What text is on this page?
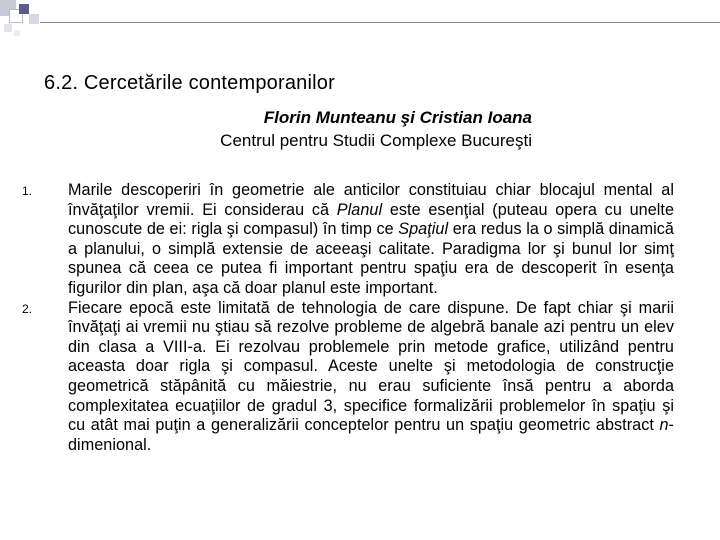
6.2. Cercetările contemporanilor
Florin Munteanu şi Cristian Ioana
Centrul pentru Studii Complexe Bucureşti
1.	Marile descoperiri în geometrie ale anticilor constituiau chiar blocajul mental al învăţaţilor vremii. Ei considerau că Planul este esenţial (puteau opera cu unelte cunoscute de ei: rigla şi compasul) în timp ce Spaţiul era redus la o simplă dinamică a planului, o simplă extensie de aceeaşi calitate. Paradigma lor şi bunul lor simţ spunea că ceea ce putea fi important pentru spaţiu era de descoperit în esenţa figurilor din plan, aşa că doar planul este important.
2.	Fiecare epocă este limitată de tehnologia de care dispune. De fapt chiar şi marii învăţaţi ai vremii nu ştiau să rezolve probleme de algebră banale azi pentru un elev din clasa a VIII-a. Ei rezolvau problemele prin metode grafice, utilizând pentru aceasta doar rigla şi compasul. Aceste unelte şi metodologia de construcţie geometrică stăpânită cu măiestrie, nu erau suficiente însă pentru a aborda complexitatea ecuaţiilor de gradul 3, specifice formalizării problemelor în spaţiu şi cu atât mai puţin a generalizării conceptelor pentru un spaţiu geometric abstract n-dimenional.
